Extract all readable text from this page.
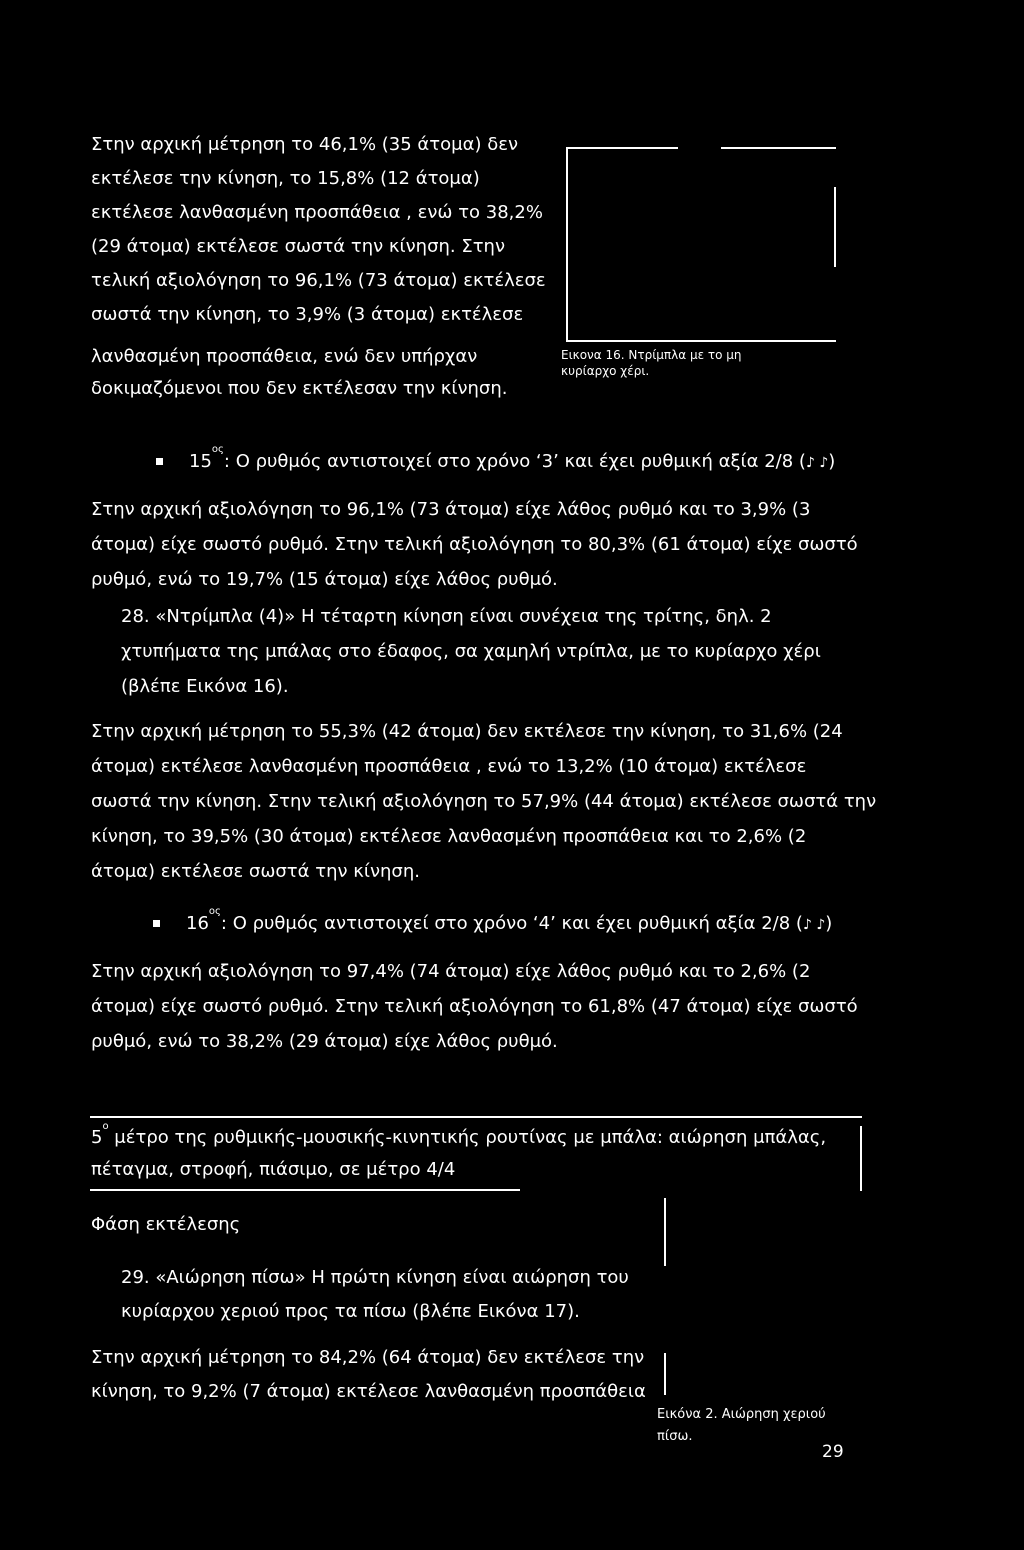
Στην αρχική μέτρηση το 46,1% (35 άτομα) δεν
εκτέλεσε την κίνηση, το 15,8% (12 άτομα)
εκτέλεσε λανθασμένη προσπάθεια , ενώ το 38,2%
(29 άτομα) εκτέλεσε σωστά την κίνηση. Στην
τελική αξιολόγηση το 96,1% (73 άτομα) εκτέλεσε
σωστά την κίνηση, το 3,9% (3 άτομα) εκτέλεσε
λανθασμένη προσπάθεια, ενώ δεν υπήρχαν
δοκιμαζόμενοι που δεν εκτέλεσαν την κίνηση.
Εικονα 16. Ντρίμπλα με το μη
κυρίαρχο χέρι.
$15^{o\varsigma}$: Ο ρυθμός αντιστοιχεί στο χρόνο ‘3’ και έχει ρυθμική αξία 2/8 (♪ ♪)
Στην αρχική αξιολόγηση το 96,1% (73 άτομα) είχε λάθος ρυθμό και το 3,9% (3
άτομα) είχε σωστό ρυθμό. Στην τελική αξιολόγηση το 80,3% (61 άτομα) είχε σωστό
ρυθμό, ενώ το 19,7% (15 άτομα) είχε λάθος ρυθμό.
28. «Ντρίμπλα (4)» Η τέταρτη κίνηση είναι συνέχεια της τρίτης, δηλ. 2
χτυπήματα της μπάλας στο έδαφος, σα χαμηλή ντρίπλα, με το κυρίαρχο χέρι
(βλέπε Εικόνα 16).
Στην αρχική μέτρηση το 55,3% (42 άτομα) δεν εκτέλεσε την κίνηση, το 31,6% (24
άτομα) εκτέλεσε λανθασμένη προσπάθεια , ενώ το 13,2% (10 άτομα) εκτέλεσε
σωστά την κίνηση. Στην τελική αξιολόγηση το 57,9% (44 άτομα) εκτέλεσε σωστά την
κίνηση, το 39,5% (30 άτομα) εκτέλεσε λανθασμένη προσπάθεια και το 2,6% (2
άτομα) εκτέλεσε σωστά την κίνηση.
$16^{o\varsigma}$: Ο ρυθμός αντιστοιχεί στο χρόνο ‘4’ και έχει ρυθμική αξία 2/8 (♪ ♪)
Στην αρχική αξιολόγηση το 97,4% (74 άτομα) είχε λάθος ρυθμό και το 2,6% (2
άτομα) είχε σωστό ρυθμό. Στην τελική αξιολόγηση το 61,8% (47 άτομα) είχε σωστό
ρυθμό, ενώ το 38,2% (29 άτομα) είχε λάθος ρυθμό.
$5^o$ μέτρο της ρυθμικής-μουσικής-κινητικής ρουτίνας με μπάλα: αιώρηση μπάλας,
πέταγμα, στροφή, πιάσιμο, σε μέτρο 4/4
Φάση εκτέλεσης
29. «Αιώρηση πίσω» Η πρώτη κίνηση είναι αιώρηση του
κυρίαρχου χεριού προς τα πίσω (βλέπε Εικόνα 17).
Στην αρχική μέτρηση το 84,2% (64 άτομα) δεν εκτέλεσε την
κίνηση, το 9,2% (7 άτομα) εκτέλεσε λανθασμένη προσπάθεια
Εικόνα 2. Αιώρηση χεριού
πίσω.
29
